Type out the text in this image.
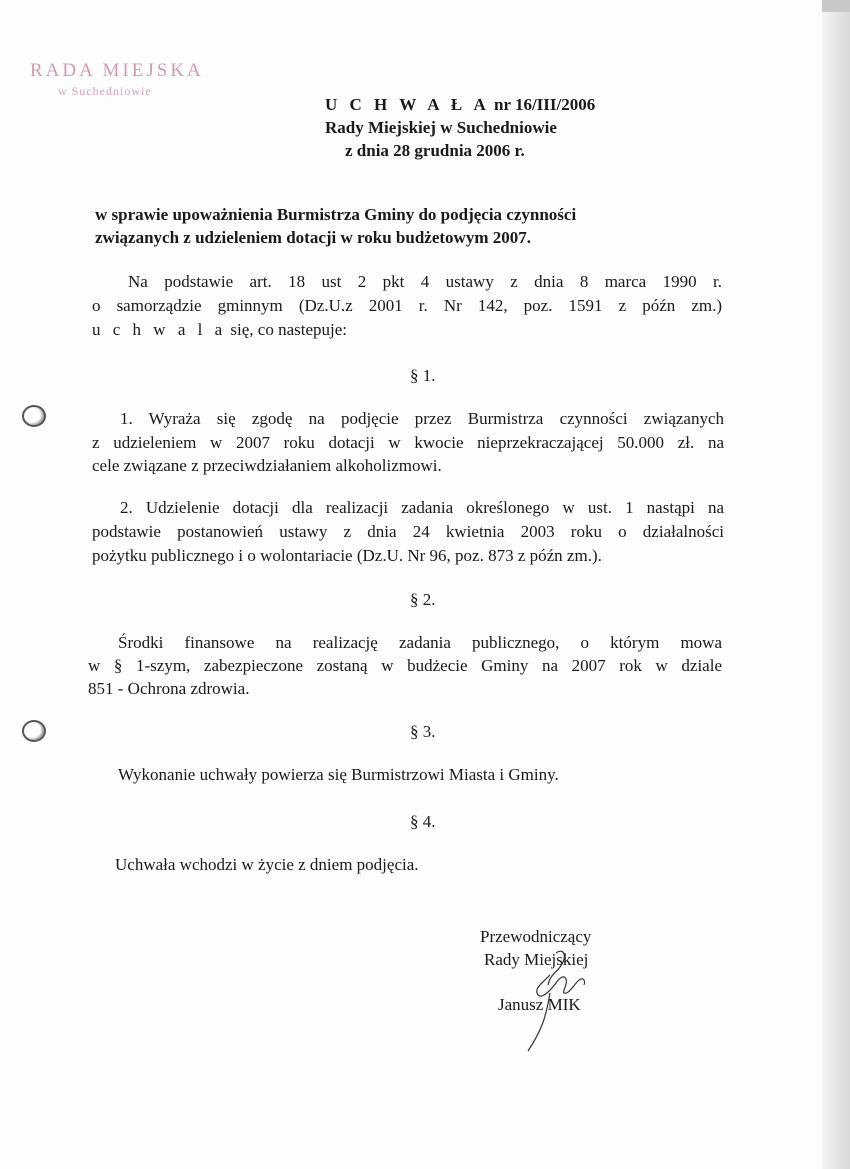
RADA MIEJSKA
w Suchedniowie
U C H W A Ł A nr 16/III/2006
Rady Miejskiej w Suchedniowie
z dnia 28 grudnia 2006 r.
w sprawie upoważnienia Burmistrza Gminy do podjęcia czynności
związanych z udzieleniem dotacji w roku budżetowym 2007.
Na podstawie art. 18 ust 2 pkt 4 ustawy z dnia 8 marca 1990 r.
o samorządzie gminnym (Dz.U.z 2001 r. Nr 142, poz. 1591 z późn zm.)
u c h w a l a się, co nastepuje:
§ 1.
1. Wyraża się zgodę na podjęcie przez Burmistrza czynności związanych
z udzieleniem w 2007 roku dotacji w kwocie nieprzekraczającej 50.000 zł. na
cele związane z przeciwdziałaniem alkoholizmowi.
2. Udzielenie dotacji dla realizacji zadania określonego w ust. 1 nastąpi na
podstawie postanowień ustawy z dnia 24 kwietnia 2003 roku o działalności
pożytku publicznego i o wolontariacie (Dz.U. Nr 96, poz. 873 z późn zm.).
§ 2.
Środki finansowe na realizację zadania publicznego, o którym mowa
w § 1-szym, zabezpieczone zostaną w budżecie Gminy na 2007 rok w dziale
851 - Ochrona zdrowia.
§ 3.
Wykonanie uchwały powierza się Burmistrzowi Miasta i Gminy.
§ 4.
Uchwała wchodzi w życie z dniem podjęcia.
Przewodniczący
Rady Miejskiej
Janusz MIK
